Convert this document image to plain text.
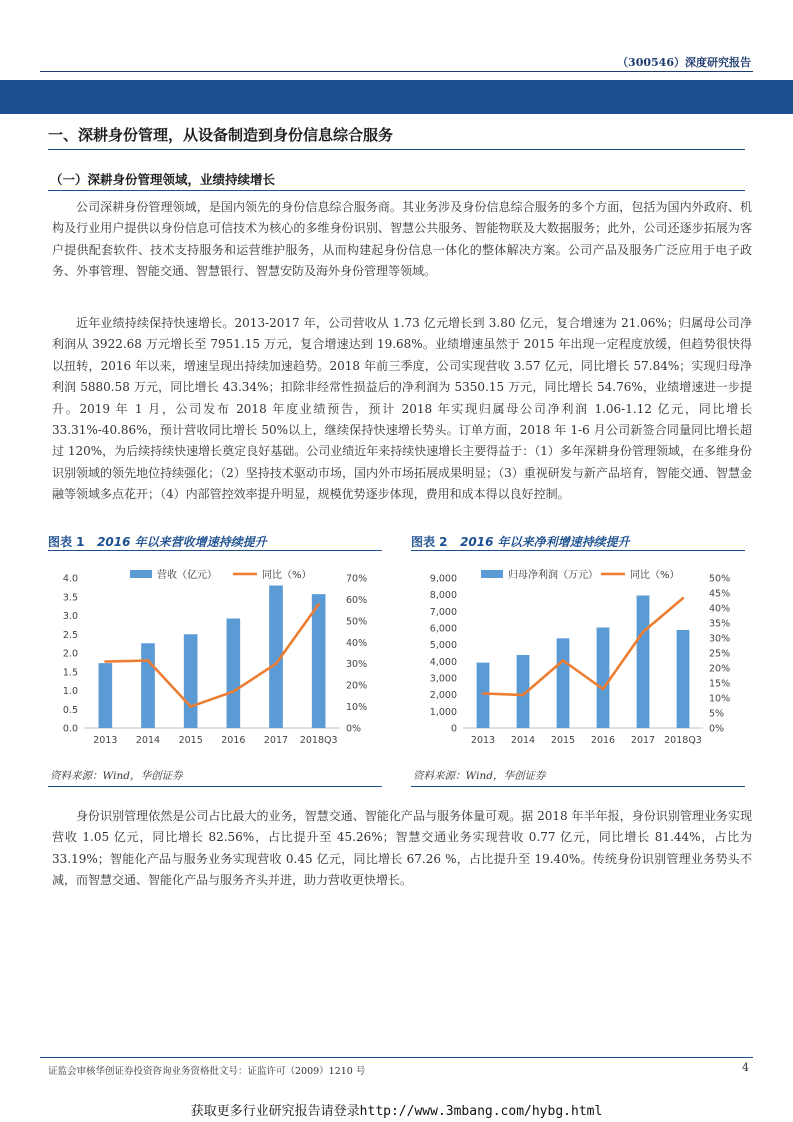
（300546）深度研究报告
一、深耕身份管理，从设备制造到身份信息综合服务
（一）深耕身份管理领域，业绩持续增长
公司深耕身份管理领域，是国内领先的身份信息综合服务商。其业务涉及身份信息综合服务的多个方面，包括为国内外政府、机构及行业用户提供以身份信息可信技术为核心的多维身份识别、智慧公共服务、智能物联及大数据服务；此外，公司还逐步拓展为客户提供配套软件、技术支持服务和运营维护服务，从而构建起身份信息一体化的整体解决方案。公司产品及服务广泛应用于电子政务、外事管理、智能交通、智慧银行、智慧安防及海外身份管理等领域。
近年业绩持续保持快速增长。2013-2017 年，公司营收从 1.73 亿元增长到 3.80 亿元，复合增速为 21.06%；归属母公司净利润从 3922.68 万元增长至 7951.15 万元，复合增速达到 19.68%。业绩增速虽然于 2015 年出现一定程度放缓，但趋势很快得以扭转，2016 年以来，增速呈现出持续加速趋势。2018 年前三季度，公司实现营收 3.57 亿元，同比增长 57.84%；实现归母净利润 5880.58 万元，同比增长 43.34%；扣除非经常性损益后的净利润为 5350.15 万元，同比增长 54.76%，业绩增速进一步提升。2019 年 1 月，公司发布 2018 年度业绩预告，预计 2018 年实现归属母公司净利润 1.06-1.12 亿元，同比增长 33.31%-40.86%，预计营收同比增长 50%以上，继续保持快速增长势头。订单方面，2018 年 1-6 月公司新签合同量同比增长超过 120%，为后续持续快速增长奠定良好基础。公司业绩近年来持续快速增长主要得益于：（1）多年深耕身份管理领域，在多维身份识别领域的领先地位持续强化；（2）坚持技术驱动市场，国内外市场拓展成果明显；（3）重视研发与新产品培育，智能交通、智慧金融等领域多点花开；（4）内部管控效率提升明显，规模优势逐步体现，费用和成本得以良好控制。
图表 1 2016 年以来营收增速持续提升
0.0
0.5
1.0
1.5
2.0
2.5
3.0
3.5
4.0
0%
10%
20%
30%
40%
50%
60%
70%
2013 2014 2015 2016 2017 2018Q3
营收（亿元）	同比（%）
资料来源：Wind，华创证券
图表 2 2016 年以来净利增速持续提升
0
1,000
2,000
3,000
4,000
5,000
6,000
7,000
8,000
9,000
0%
5%
10%
15%
20%
25%
30%
35%
40%
45%
50%
2013 2014 2015 2016 2017 2018Q3
归母净利润（万元）	同比（%）
资料来源：Wind，华创证券
身份识别管理依然是公司占比最大的业务，智慧交通、智能化产品与服务体量可观。据 2018 年半年报，身份识别管理业务实现营收 1.05 亿元，同比增长 82.56%，占比提升至 45.26%；智慧交通业务实现营收 0.77 亿元，同比增长 81.44%，占比为 33.19%；智能化产品与服务业务实现营收 0.45 亿元，同比增长 67.26 %，占比提升至 19.40%。传统身份识别管理业务势头不减，而智慧交通、智能化产品与服务齐头并进，助力营收更快增长。
证监会审核华创证券投资咨询业务资格批文号：证监许可（2009）1210 号	4
获取更多行业研究报告请登录http://www.3mbang.com/hybg.html
